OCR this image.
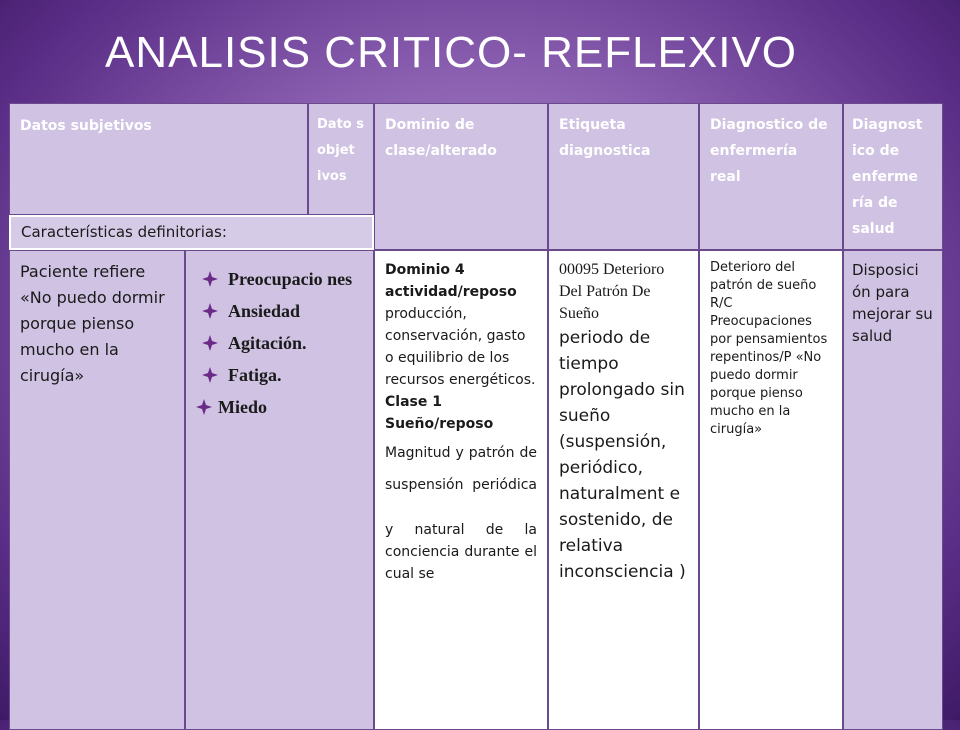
ANALISIS CRITICO- REFLEXIVO
Datos subjetivos	Dato s objet ivos
Dominio de clase/alterado
Etiqueta diagnostica
Diagnostico de enfermería real
Diagnost ico de enferme ría de salud
Características definitorias:
Paciente refiere «No puedo dormir porque pienso mucho en la cirugía»
Preocupacio nes
Ansiedad
Agitación.
Fatiga.
Miedo
Dominio 4 actividad/reposo
producción, conservación, gasto o equilibrio de los recursos energéticos.
Clase 1 Sueño/reposo
Magnitud y patrón de suspensión periódica
y natural de la conciencia durante el cual se
00095 Deterioro Del Patrón De Sueño
periodo de tiempo prolongado sin sueño (suspensión, periódico, naturalment e sostenido, de relativa inconsciencia )
Deterioro del patrón de sueño R/C Preocupaciones por pensamientos repentinos/P «No puedo dormir porque pienso mucho en la cirugía»
Disposici ón para mejorar su salud
